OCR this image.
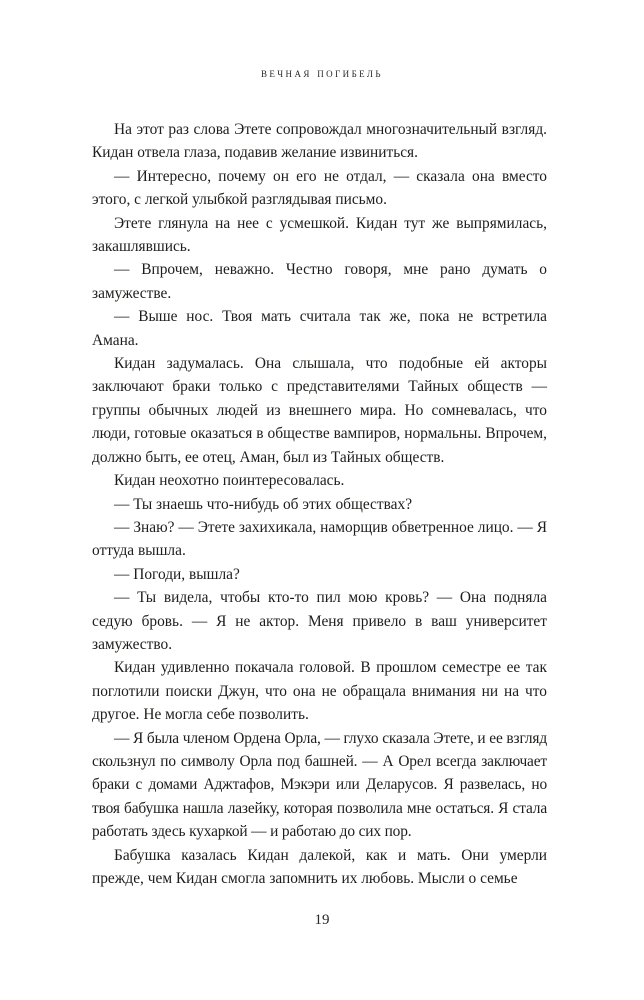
вечная погибель

На этот раз слова Этете сопровождал многозначительный взгляд. Кидан отвела глаза, подавив желание извиниться.

— Интересно, почему он его не отдал, — сказала она вместо этого, с легкой улыбкой разглядывая письмо.

Этете глянула на нее с усмешкой. Кидан тут же выпрямилась, закашлявшись.

— Впрочем, неважно. Честно говоря, мне рано думать о замужестве.

— Выше нос. Твоя мать считала так же, пока не встретила Амана.

Кидан задумалась. Она слышала, что подобные ей акторы заключают браки только с представителями Тайных обществ — группы обычных людей из внешнего мира. Но сомневалась, что люди, готовые оказаться в обществе вампиров, нормальны. Впрочем, должно быть, ее отец, Аман, был из Тайных обществ.

Кидан неохотно поинтересовалась.

— Ты знаешь что-нибудь об этих обществах?

— Знаю? — Этете захихикала, наморщив обветренное лицо. — Я оттуда вышла.

— Погоди, вышла?

— Ты видела, чтобы кто-то пил мою кровь? — Она подняла седую бровь. — Я не актор. Меня привело в ваш университет замужество.

Кидан удивленно покачала головой. В прошлом семестре ее так поглотили поиски Джун, что она не обращала внимания ни на что другое. Не могла себе позволить.

— Я была членом Ордена Орла, — глухо сказала Этете, и ее взгляд скользнул по символу Орла под башней. — А Орел всегда заключает браки с домами Аджтафов, Мэкэри или Деларусов. Я развелась, но твоя бабушка нашла лазейку, которая позволила мне остаться. Я стала работать здесь кухаркой — и работаю до сих пор.

Бабушка казалась Кидан далекой, как и мать. Они умерли прежде, чем Кидан смогла запомнить их любовь. Мысли о семье

19
